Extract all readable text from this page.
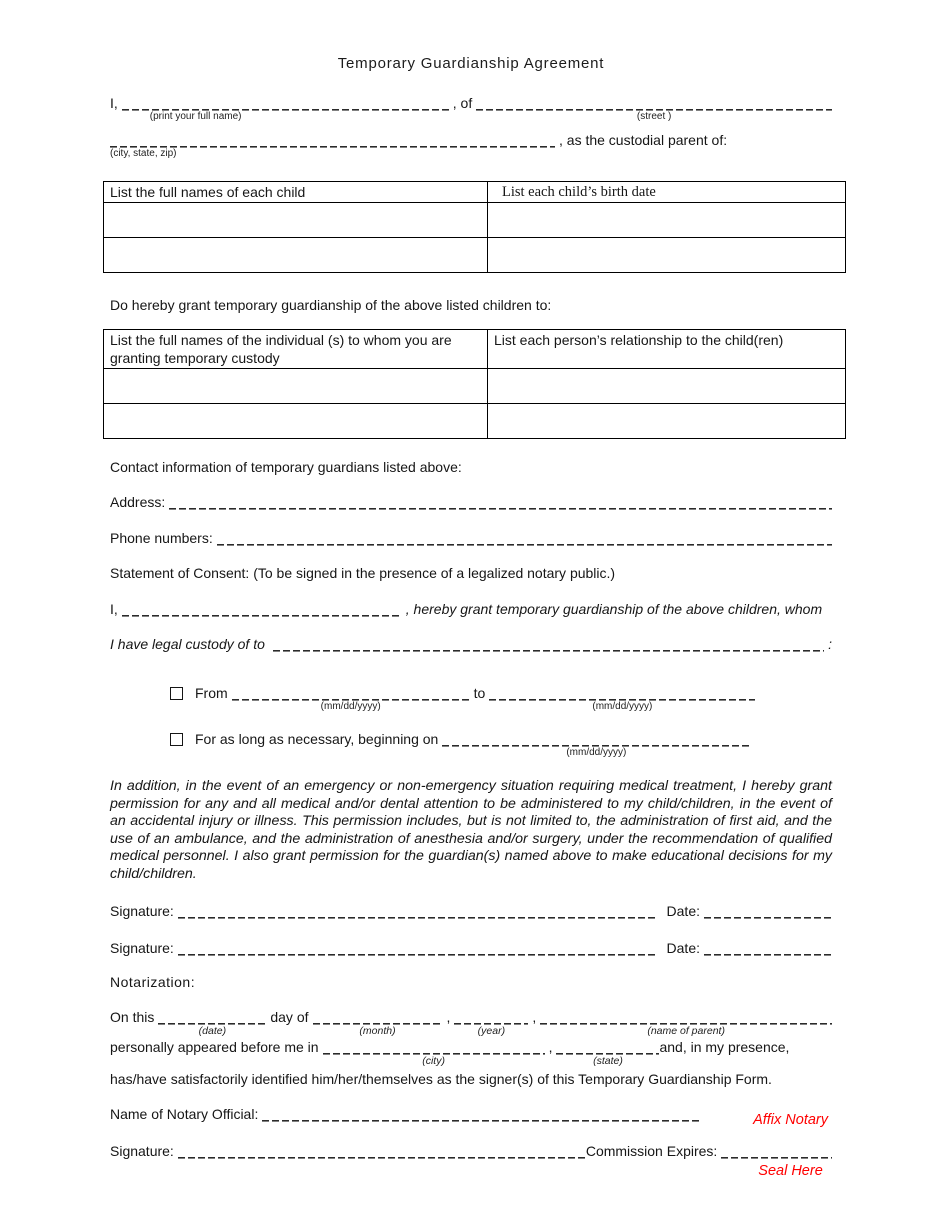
Temporary Guardianship Agreement
I,
(print your full name)
, of
(street )
(city, state, zip)
, as the custodial parent of:
List the full names of each child	List each child’s birth date

Do hereby grant temporary guardianship of the above listed children to:
List the full names of the individual (s) to whom you are granting temporary custody	List each person’s relationship to the child(ren)

Contact information of temporary guardians listed above:
Address:
Phone numbers:
Statement of Consent: (To be signed in the presence of a legalized notary public.)
I,	, hereby grant temporary guardianship of the above children, whom
I have legal custody of to	:
From
(mm/dd/yyyy)
to
(mm/dd/yyyy)
For as long as necessary, beginning on
(mm/dd/yyyy)

In addition, in the event of an emergency or non-emergency situation requiring medical treatment, I hereby grant permission for any and all medical and/or dental attention to be administered to my child/children, in the event of an accidental injury or illness. This permission includes, but is not limited to, the administration of first aid, and the use of an ambulance, and the administration of anesthesia and/or surgery, under the recommendation of qualified medical personnel. I also grant permission for the guardian(s) named above to make educational decisions for my child/children.

Signature:	Date:
Signature:	Date:
Notarization:
On this
(date)
day of
(month)
,
(year)
,
(name of parent)
personally appeared before me in
(city)
,
(state)
and, in my presence,
has/have satisfactorily identified him/her/themselves as the signer(s) of this Temporary Guardianship Form.
Name of Notary Official:
Signature:	Commission Expires:

Affix Notary

Seal Here
